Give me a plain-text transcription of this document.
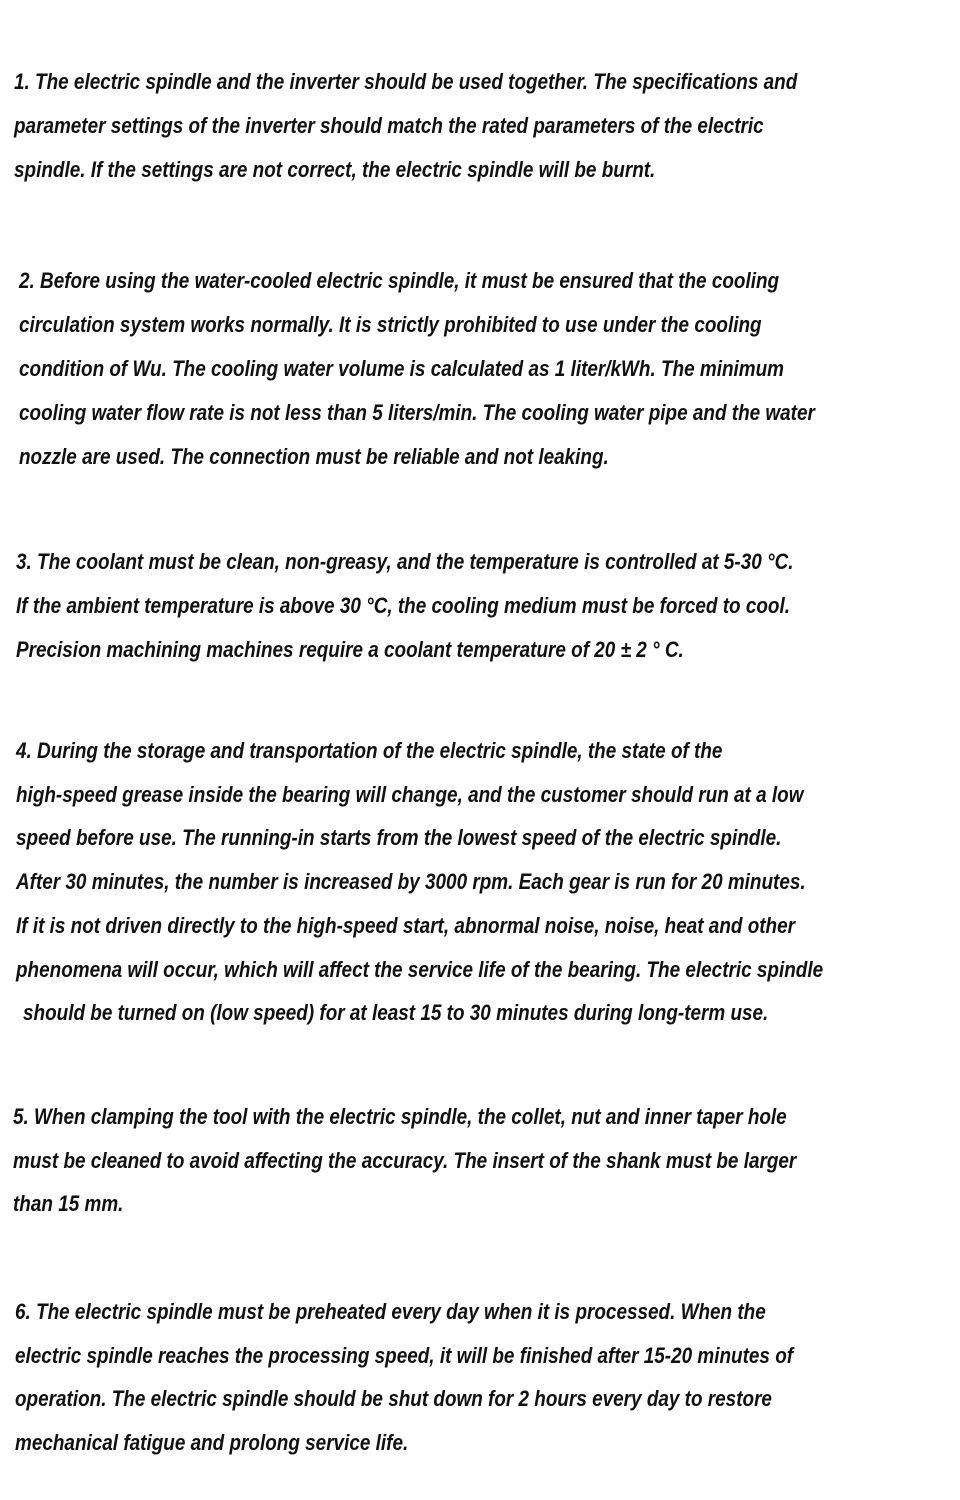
1. The electric spindle and the inverter should be used together. The specifications and

parameter settings of the inverter should match the rated parameters of the electric

spindle. If the settings are not correct, the electric spindle will be burnt.

2. Before using the water-cooled electric spindle, it must be ensured that the cooling

circulation system works normally. It is strictly prohibited to use under the cooling

condition of Wu. The cooling water volume is calculated as 1 liter/kWh. The minimum

cooling water flow rate is not less than 5 liters/min. The cooling water pipe and the water

nozzle are used. The connection must be reliable and not leaking.

3. The coolant must be clean, non-greasy, and the temperature is controlled at 5-30 °C.

If the ambient temperature is above 30 °C, the cooling medium must be forced to cool.

Precision machining machines require a coolant temperature of 20 ± 2 ° C.

4. During the storage and transportation of the electric spindle, the state of the

high-speed grease inside the bearing will change, and the customer should run at a low

speed before use. The running-in starts from the lowest speed of the electric spindle.

After 30 minutes, the number is increased by 3000 rpm. Each gear is run for 20 minutes.

If it is not driven directly to the high-speed start, abnormal noise, noise, heat and other

phenomena will occur, which will affect the service life of the bearing. The electric spindle

should be turned on (low speed) for at least 15 to 30 minutes during long-term use.

5. When clamping the tool with the electric spindle, the collet, nut and inner taper hole

must be cleaned to avoid affecting the accuracy. The insert of the shank must be larger

than 15 mm.

6. The electric spindle must be preheated every day when it is processed. When the

electric spindle reaches the processing speed, it will be finished after 15-20 minutes of

operation. The electric spindle should be shut down for 2 hours every day to restore

mechanical fatigue and prolong service life.
